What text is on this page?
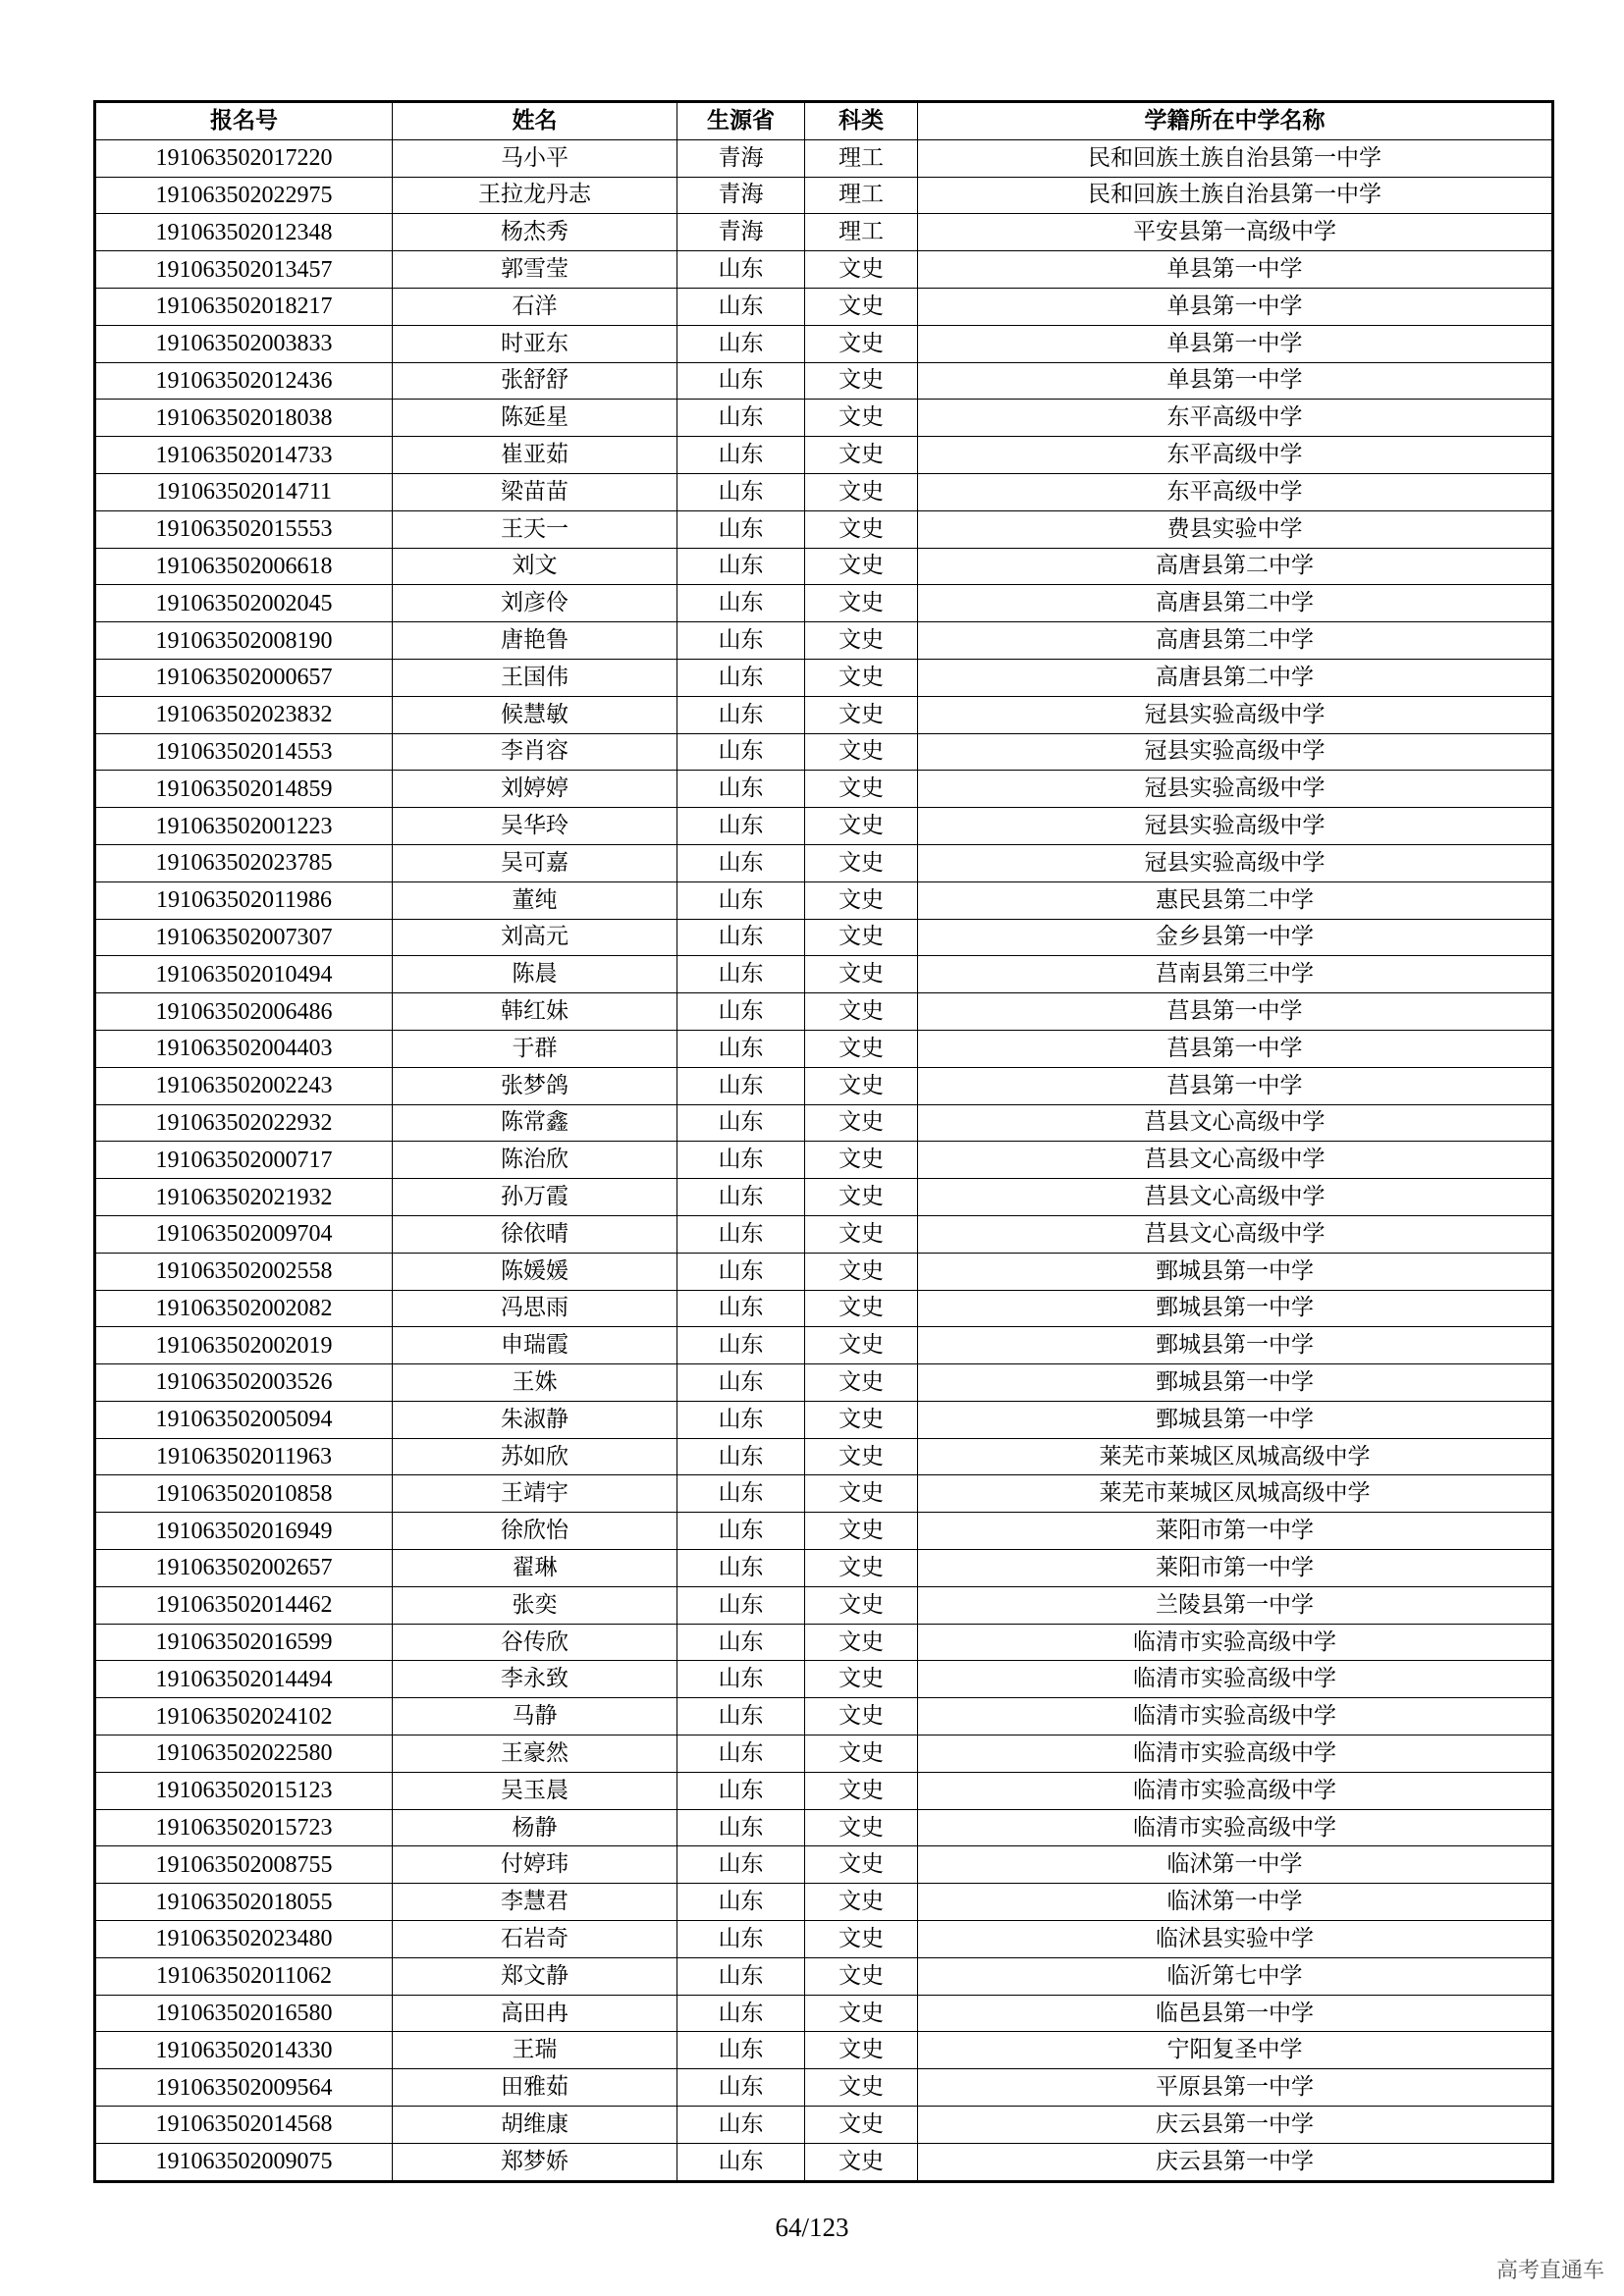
报名号	姓名	生源省	科类	学籍所在中学名称
191063502017220	马小平	青海	理工	民和回族土族自治县第一中学
191063502022975	王拉龙丹志	青海	理工	民和回族土族自治县第一中学
191063502012348	杨杰秀	青海	理工	平安县第一高级中学
191063502013457	郭雪莹	山东	文史	单县第一中学
191063502018217	石洋	山东	文史	单县第一中学
191063502003833	时亚东	山东	文史	单县第一中学
191063502012436	张舒舒	山东	文史	单县第一中学
191063502018038	陈延星	山东	文史	东平高级中学
191063502014733	崔亚茹	山东	文史	东平高级中学
191063502014711	梁苗苗	山东	文史	东平高级中学
191063502015553	王天一	山东	文史	费县实验中学
191063502006618	刘文	山东	文史	高唐县第二中学
191063502002045	刘彦伶	山东	文史	高唐县第二中学
191063502008190	唐艳鲁	山东	文史	高唐县第二中学
191063502000657	王国伟	山东	文史	高唐县第二中学
191063502023832	候慧敏	山东	文史	冠县实验高级中学
191063502014553	李肖容	山东	文史	冠县实验高级中学
191063502014859	刘婷婷	山东	文史	冠县实验高级中学
191063502001223	吴华玲	山东	文史	冠县实验高级中学
191063502023785	吴可嘉	山东	文史	冠县实验高级中学
191063502011986	董纯	山东	文史	惠民县第二中学
191063502007307	刘高元	山东	文史	金乡县第一中学
191063502010494	陈晨	山东	文史	莒南县第三中学
191063502006486	韩红妹	山东	文史	莒县第一中学
191063502004403	于群	山东	文史	莒县第一中学
191063502002243	张梦鸽	山东	文史	莒县第一中学
191063502022932	陈常鑫	山东	文史	莒县文心高级中学
191063502000717	陈治欣	山东	文史	莒县文心高级中学
191063502021932	孙万霞	山东	文史	莒县文心高级中学
191063502009704	徐依晴	山东	文史	莒县文心高级中学
191063502002558	陈媛媛	山东	文史	鄄城县第一中学
191063502002082	冯思雨	山东	文史	鄄城县第一中学
191063502002019	申瑞霞	山东	文史	鄄城县第一中学
191063502003526	王姝	山东	文史	鄄城县第一中学
191063502005094	朱淑静	山东	文史	鄄城县第一中学
191063502011963	苏如欣	山东	文史	莱芜市莱城区凤城高级中学
191063502010858	王靖宇	山东	文史	莱芜市莱城区凤城高级中学
191063502016949	徐欣怡	山东	文史	莱阳市第一中学
191063502002657	翟琳	山东	文史	莱阳市第一中学
191063502014462	张奕	山东	文史	兰陵县第一中学
191063502016599	谷传欣	山东	文史	临清市实验高级中学
191063502014494	李永致	山东	文史	临清市实验高级中学
191063502024102	马静	山东	文史	临清市实验高级中学
191063502022580	王豪然	山东	文史	临清市实验高级中学
191063502015123	吴玉晨	山东	文史	临清市实验高级中学
191063502015723	杨静	山东	文史	临清市实验高级中学
191063502008755	付婷玮	山东	文史	临沭第一中学
191063502018055	李慧君	山东	文史	临沭第一中学
191063502023480	石岩奇	山东	文史	临沭县实验中学
191063502011062	郑文静	山东	文史	临沂第七中学
191063502016580	高田冉	山东	文史	临邑县第一中学
191063502014330	王瑞	山东	文史	宁阳复圣中学
191063502009564	田雅茹	山东	文史	平原县第一中学
191063502014568	胡维康	山东	文史	庆云县第一中学
191063502009075	郑梦娇	山东	文史	庆云县第一中学
64/123
高考直通车
